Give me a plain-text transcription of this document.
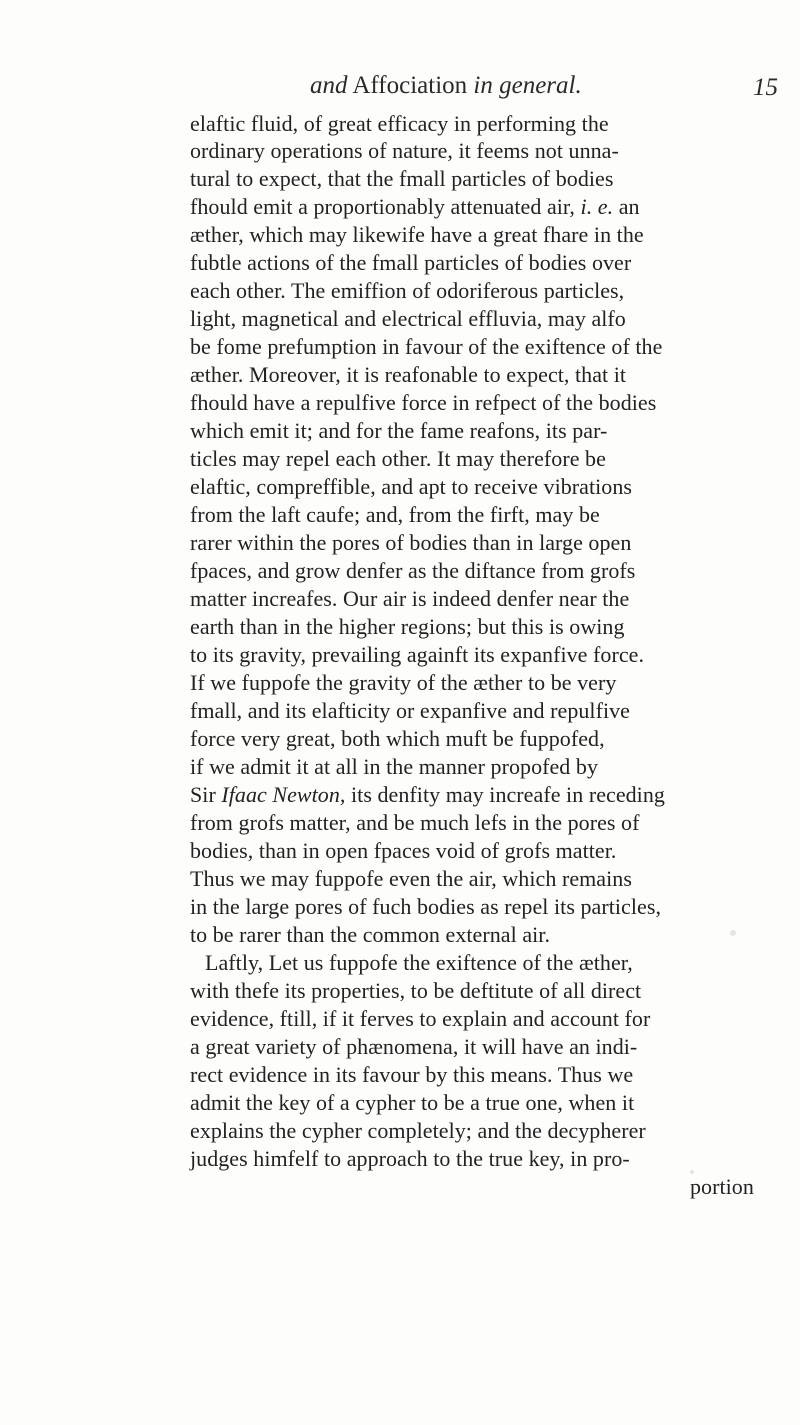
and Affociation in general.	15
elaftic fluid, of great efficacy in performing the
ordinary operations of nature, it feems not unna-
tural to expect, that the fmall particles of bodies
fhould emit a proportionably attenuated air, i. e. an
æther, which may likewife have a great fhare in the
fubtle actions of the fmall particles of bodies over
each other. The emiffion of odoriferous particles,
light, magnetical and electrical effluvia, may alfo
be fome prefumption in favour of the exiftence of the
æther. Moreover, it is reafonable to expect, that it
fhould have a repulfive force in refpect of the bodies
which emit it; and for the fame reafons, its par-
ticles may repel each other. It may therefore be
elaftic, compreffible, and apt to receive vibrations
from the laft caufe; and, from the firft, may be
rarer within the pores of bodies than in large open
fpaces, and grow denfer as the diftance from grofs
matter increafes. Our air is indeed denfer near the
earth than in the higher regions; but this is owing
to its gravity, prevailing againft its expanfive force.
If we fuppofe the gravity of the æther to be very
fmall, and its elafticity or expanfive and repulfive
force very great, both which muft be fuppofed,
if we admit it at all in the manner propofed by
Sir Ifaac Newton, its denfity may increafe in receding
from grofs matter, and be much lefs in the pores of
bodies, than in open fpaces void of grofs matter.
Thus we may fuppofe even the air, which remains
in the large pores of fuch bodies as repel its particles,
to be rarer than the common external air.
Laftly, Let us fuppofe the exiftence of the æther,
with thefe its properties, to be deftitute of all direct
evidence, ftill, if it ferves to explain and account for
a great variety of phænomena, it will have an indi-
rect evidence in its favour by this means. Thus we
admit the key of a cypher to be a true one, when it
explains the cypher completely; and the decypherer
judges himfelf to approach to the true key, in pro-
portion
